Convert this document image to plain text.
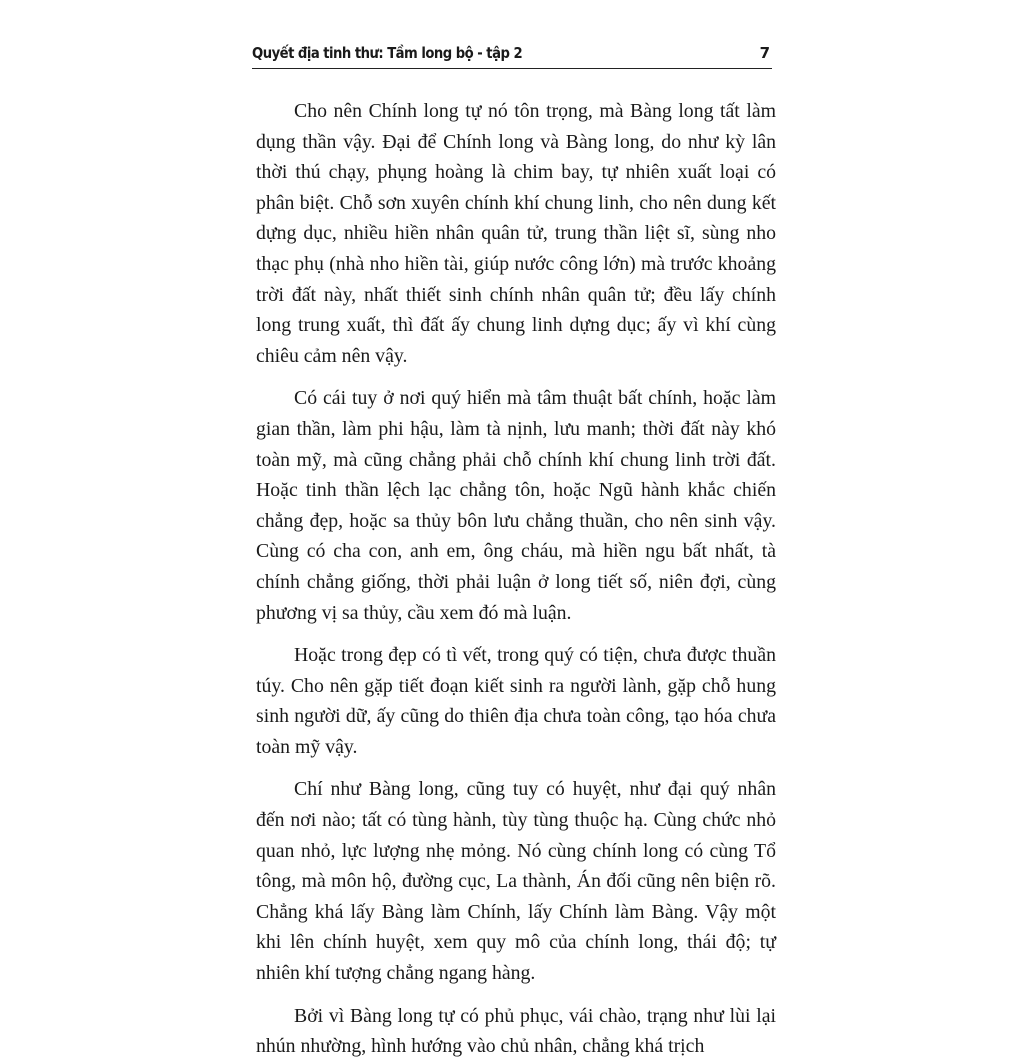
Quyết địa tinh thư: Tầm long bộ - tập 2	7

Cho nên Chính long tự nó tôn trọng, mà Bàng long tất làm dụng thần vậy. Đại để Chính long và Bàng long, do như kỳ lân thời thú chạy, phụng hoàng là chim bay, tự nhiên xuất loại có phân biệt. Chỗ sơn xuyên chính khí chung linh, cho nên dung kết dựng dục, nhiều hiền nhân quân tử, trung thần liệt sĩ, sùng nho thạc phụ (nhà nho hiền tài, giúp nước công lớn) mà trước khoảng trời đất này, nhất thiết sinh chính nhân quân tử; đều lấy chính long trung xuất, thì đất ấy chung linh dựng dục; ấy vì khí cùng chiêu cảm nên vậy.

Có cái tuy ở nơi quý hiển mà tâm thuật bất chính, hoặc làm gian thần, làm phi hậu, làm tà nịnh, lưu manh; thời đất này khó toàn mỹ, mà cũng chẳng phải chỗ chính khí chung linh trời đất. Hoặc tinh thần lệch lạc chẳng tôn, hoặc Ngũ hành khắc chiến chẳng đẹp, hoặc sa thủy bôn lưu chẳng thuần, cho nên sinh vậy. Cùng có cha con, anh em, ông cháu, mà hiền ngu bất nhất, tà chính chẳng giống, thời phải luận ở long tiết số, niên đợi, cùng phương vị sa thủy, cầu xem đó mà luận.

Hoặc trong đẹp có tì vết, trong quý có tiện, chưa được thuần túy. Cho nên gặp tiết đoạn kiết sinh ra người lành, gặp chỗ hung sinh người dữ, ấy cũng do thiên địa chưa toàn công, tạo hóa chưa toàn mỹ vậy.

Chí như Bàng long, cũng tuy có huyệt, như đại quý nhân đến nơi nào; tất có tùng hành, tùy tùng thuộc hạ. Cùng chức nhỏ quan nhỏ, lực lượng nhẹ mỏng. Nó cùng chính long có cùng Tổ tông, mà môn hộ, đường cục, La thành, Án đối cũng nên biện rõ. Chẳng khá lấy Bàng làm Chính, lấy Chính làm Bàng. Vậy một khi lên chính huyệt, xem quy mô của chính long, thái độ; tự nhiên khí tượng chẳng ngang hàng.

Bởi vì Bàng long tự có phủ phục, vái chào, trạng như lùi lại nhún nhường, hình hướng vào chủ nhân, chẳng khá trịch
